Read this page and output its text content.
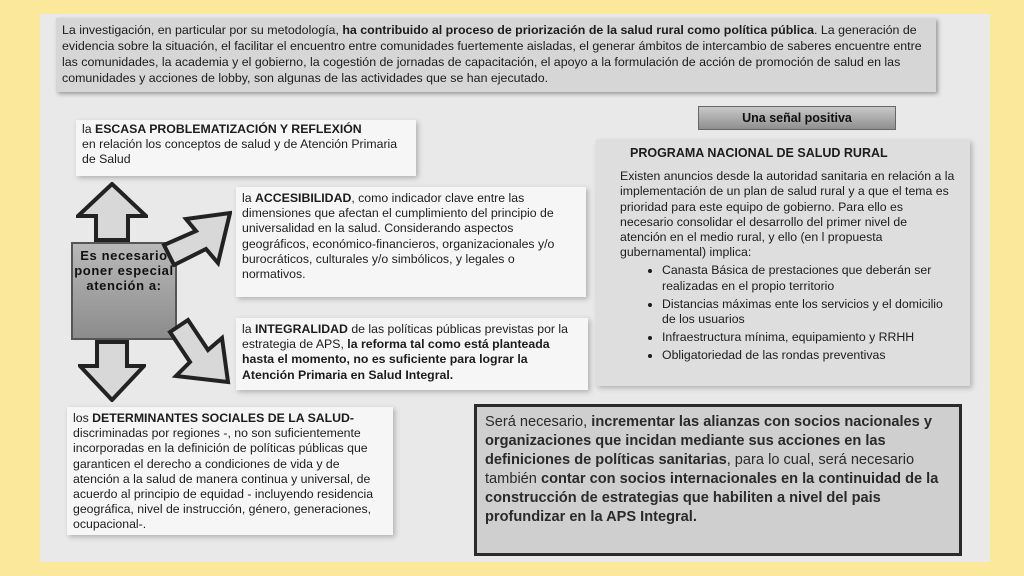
La investigación, en particular por su metodología, ha contribuido al proceso de priorización de la salud rural como política pública. La generación de evidencia sobre la situación, el facilitar el encuentro entre comunidades fuertemente aisladas, el generar ámbitos de intercambio de saberes encuentre entre las comunidades, la academia y el gobierno, la cogestión de jornadas de capacitación, el apoyo a la formulación de acción de promoción de salud en las comunidades y acciones de lobby, son algunas de las actividades que se han ejecutado.
la ESCASA PROBLEMATIZACIÓN Y REFLEXIÓN
en relación los conceptos de salud y de Atención Primaria de Salud
la ACCESIBILIDAD, como indicador clave entre las dimensiones que afectan el cumplimiento del principio de universalidad en la salud. Considerando aspectos geográficos, económico-financieros, organizacionales y/o burocráticos, culturales y/o simbólicos, y legales o normativos.
la INTEGRALIDAD de las políticas públicas previstas por la estrategia de APS, la reforma tal como está planteada hasta el momento, no es suficiente para lograr la Atención Primaria en Salud Integral.
los DETERMINANTES SOCIALES DE LA SALUD- discriminadas por regiones -, no son suficientemente incorporadas en la definición de políticas públicas que garanticen el derecho a condiciones de vida y de atención a la salud de manera continua y universal, de acuerdo al principio de equidad - incluyendo residencia geográfica, nivel de instrucción, género, generaciones, ocupacional-.
Es necesario poner especial atención a:
Una señal positiva
PROGRAMA NACIONAL DE SALUD RURAL

Existen anuncios desde la autoridad sanitaria en relación a la implementación de un plan de salud rural y a que el tema es prioridad para este equipo de gobierno. Para ello es necesario consolidar el desarrollo del primer nivel de atención en el medio rural, y ello (en l propuesta gubernamental) implica:

• Canasta Básica de prestaciones que deberán ser realizadas en el propio territorio
• Distancias máximas ente los servicios y el domicilio de los usuarios
• Infraestructura mínima, equipamiento y RRHH
• Obligatoriedad de las rondas preventivas
Será necesario, incrementar las alianzas con socios nacionales y organizaciones que incidan mediante sus acciones en las definiciones de políticas sanitarias, para lo cual, será necesario también contar con socios internacionales en la continuidad de la construcción de estrategias que habiliten a nivel del pais profundizar en la APS Integral.
